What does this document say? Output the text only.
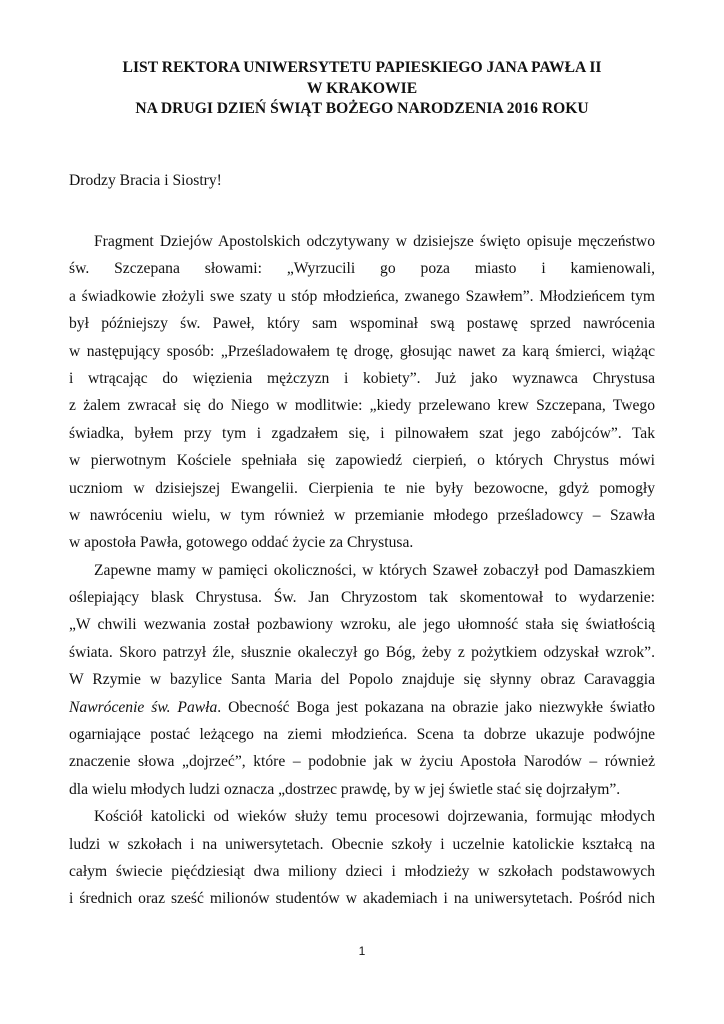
LIST REKTORA UNIWERSYTETU PAPIESKIEGO JANA PAWŁA II
W KRAKOWIE
NA DRUGI DZIEŃ ŚWIĄT BOŻEGO NARODZENIA 2016 ROKU
Drodzy Bracia i Siostry!

Fragment Dziejów Apostolskich odczytywany w dzisiejsze święto opisuje męczeństwo
św. Szczepana słowami: „Wyrzucili go poza miasto i kamienowali,
a świadkowie złożyli swe szaty u stóp młodzieńca, zwanego Szawłem”. Młodzieńcem tym
był późniejszy św. Paweł, który sam wspominał swą postawę sprzed nawrócenia
w następujący sposób: „Prześladowałem tę drogę, głosując nawet za karą śmierci, wiążąc
i wtrącając do więzienia mężczyzn i kobiety”. Już jako wyznawca Chrystusa
z żalem zwracał się do Niego w modlitwie: „kiedy przelewano krew Szczepana, Twego
świadka, byłem przy tym i zgadzałem się, i pilnowałem szat jego zabójców”. Tak
w pierwotnym Kościele spełniała się zapowiedź cierpień, o których Chrystus mówi
uczniom w dzisiejszej Ewangelii. Cierpienia te nie były bezowocne, gdyż pomogły
w nawróceniu wielu, w tym również w przemianie młodego prześladowcy – Szawła
w apostoła Pawła, gotowego oddać życie za Chrystusa.

Zapewne mamy w pamięci okoliczności, w których Szaweł zobaczył pod Damaszkiem
oślepiający blask Chrystusa. Św. Jan Chryzostom tak skomentował to wydarzenie:
„W chwili wezwania został pozbawiony wzroku, ale jego ułomność stała się światłością
świata. Skoro patrzył źle, słusznie okaleczył go Bóg, żeby z pożytkiem odzyskał wzrok”.
W Rzymie w bazylice Santa Maria del Popolo znajduje się słynny obraz Caravaggia
Nawrócenie św. Pawła. Obecność Boga jest pokazana na obrazie jako niezwykłe światło
ogarniające postać leżącego na ziemi młodzieńca. Scena ta dobrze ukazuje podwójne
znaczenie słowa „dojrzeć”, które – podobnie jak w życiu Apostoła Narodów – również
dla wielu młodych ludzi oznacza „dostrzec prawdę, by w jej świetle stać się dojrzałym”.

Kościół katolicki od wieków służy temu procesowi dojrzewania, formując młodych
ludzi w szkołach i na uniwersytetach. Obecnie szkoły i uczelnie katolickie kształcą na
całym świecie pięćdziesiąt dwa miliony dzieci i młodzieży w szkołach podstawowych
i średnich oraz sześć milionów studentów w akademiach i na uniwersytetach. Pośród nich

1
